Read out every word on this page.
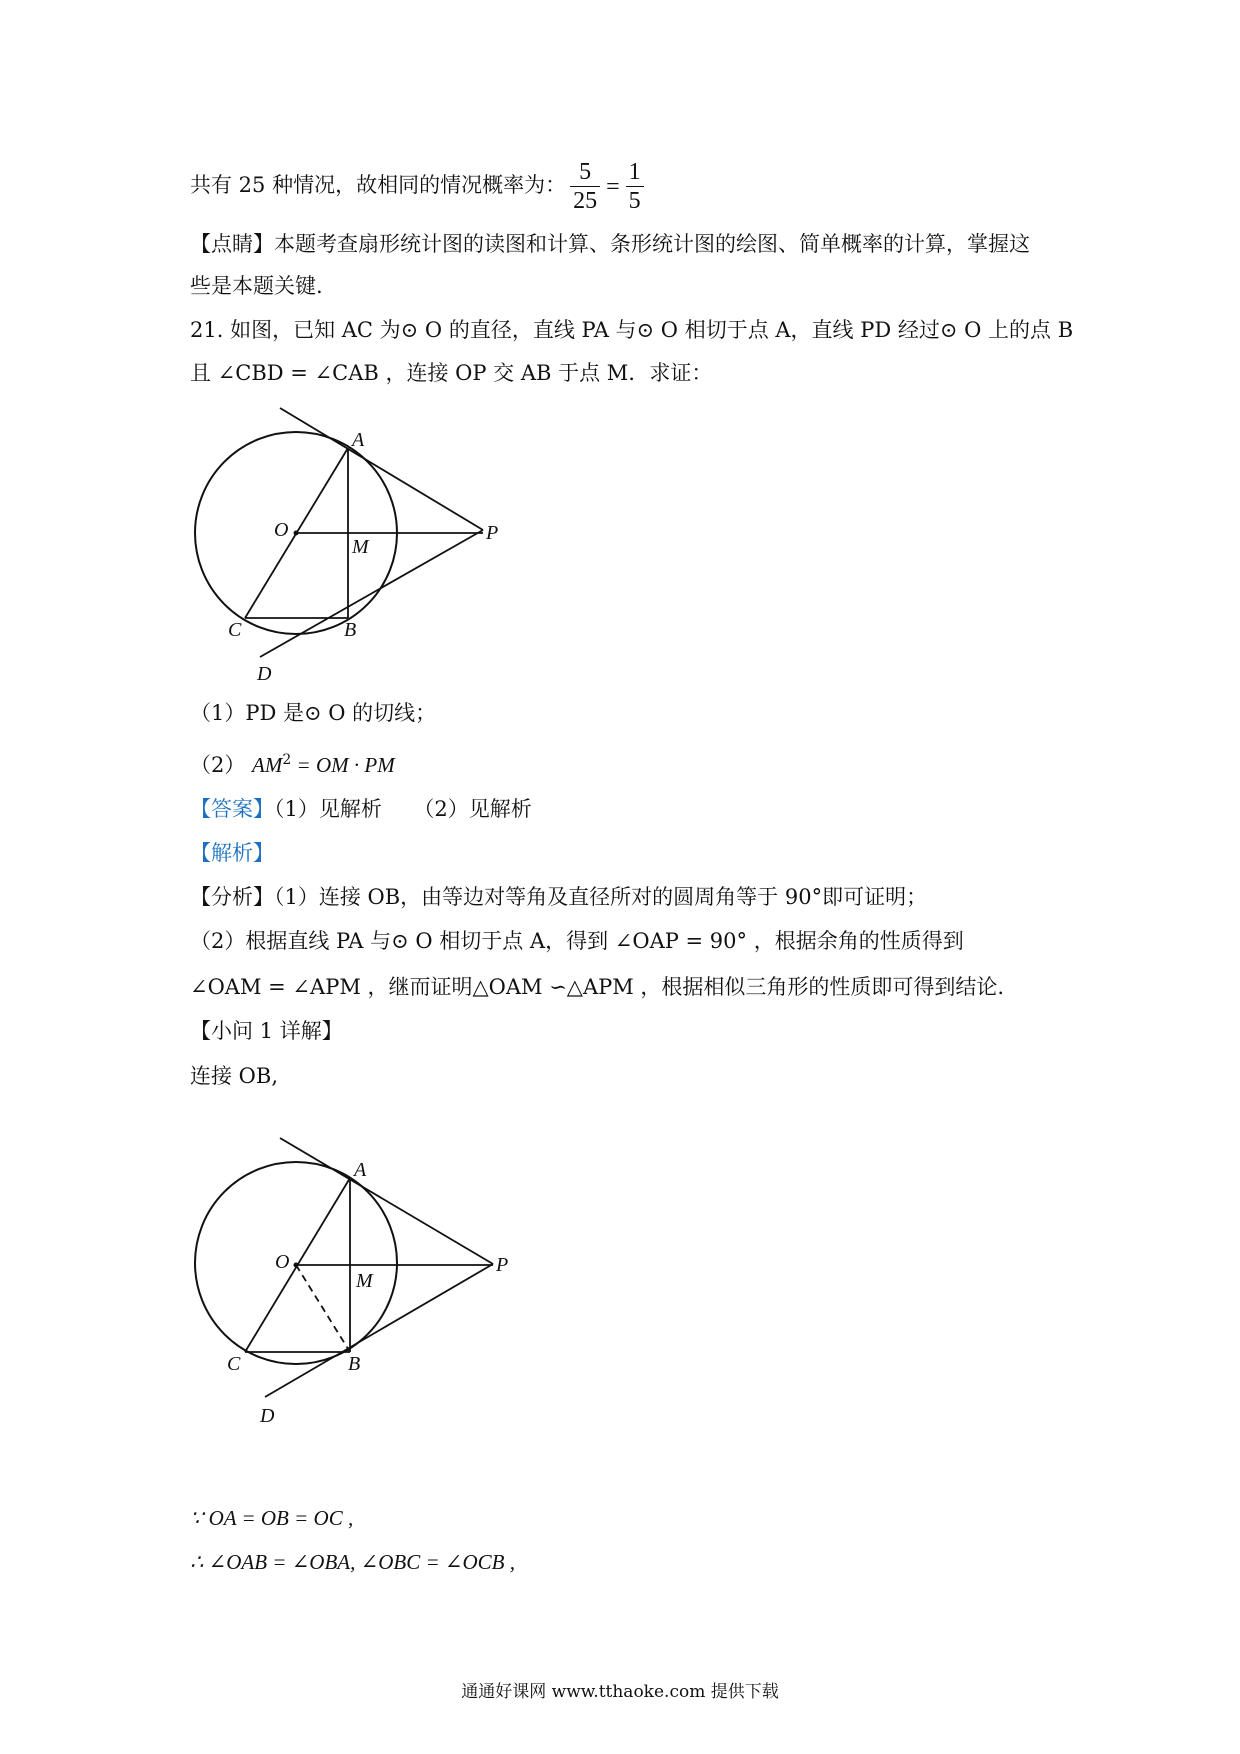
共有 25 种情况，故相同的情况概率为： $\frac{5}{25} = \frac{1}{5}$
【点睛】本题考查扇形统计图的读图和计算、条形统计图的绘图、简单概率的计算，掌握这
些是本题关键.
21. 如图，已知 AC 为⊙ O 的直径，直线 PA 与⊙ O 相切于点 A，直线 PD 经过⊙ O 上的点 B
且 ∠CBD = ∠CAB ，连接 OP 交 AB 于点 M．求证：
A
O
M
P
C	B
D
（1）PD 是⊙ O 的切线；
（2） $AM^2$ = OM · PM
【答案】（1）见解析　　（2）见解析
【解析】
【分析】（1）连接 OB，由等边对等角及直径所对的圆周角等于 90°即可证明；
（2）根据直线 PA 与⊙ O 相切于点 A，得到 ∠OAP = 90° ，根据余角的性质得到
∠OAM = ∠APM ，继而证明△OAM ∽△APM ，根据相似三角形的性质即可得到结论.
【小问 1 详解】
连接 OB,
A
O
M
P
C	B
D
∵ OA = OB = OC ,
∴ ∠OAB = ∠OBA, ∠OBC = ∠OCB ,
通通好课网 www.tthaoke.com 提供下载
